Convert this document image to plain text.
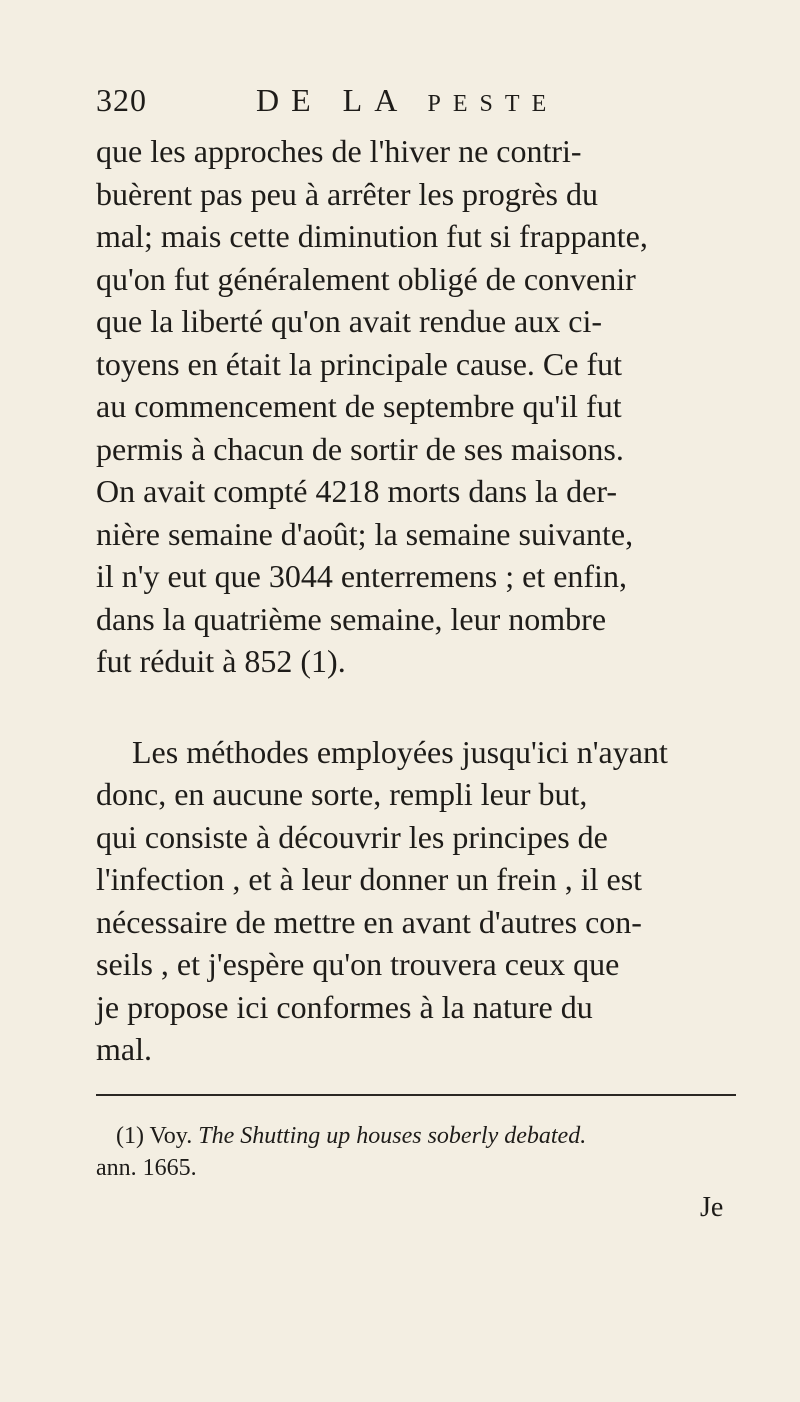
320	DE LA PESTE

que les approches de l'hiver ne contri-

buèrent pas peu à arrêter les progrès du

mal; mais cette diminution fut si frappante,

qu'on fut généralement obligé de convenir

que la liberté qu'on avait rendue aux ci-

toyens en était la principale cause. Ce fut

au commencement de septembre qu'il fut

permis à chacun de sortir de ses maisons.

On avait compté 4218 morts dans la der-

nière semaine d'août; la semaine suivante,

il n'y eut que 3044 enterremens ; et enfin,

dans la quatrième semaine, leur nombre

fut réduit à 852 (1).

Les méthodes employées jusqu'ici n'ayant

donc, en aucune sorte, rempli leur but,

qui consiste à découvrir les principes de

l'infection , et à leur donner un frein , il est

nécessaire de mettre en avant d'autres con-

seils , et j'espère qu'on trouvera ceux que

je propose ici conformes à la nature du

mal.

(1) Voy. The Shutting up houses soberly debated.

ann. 1665.

Je
